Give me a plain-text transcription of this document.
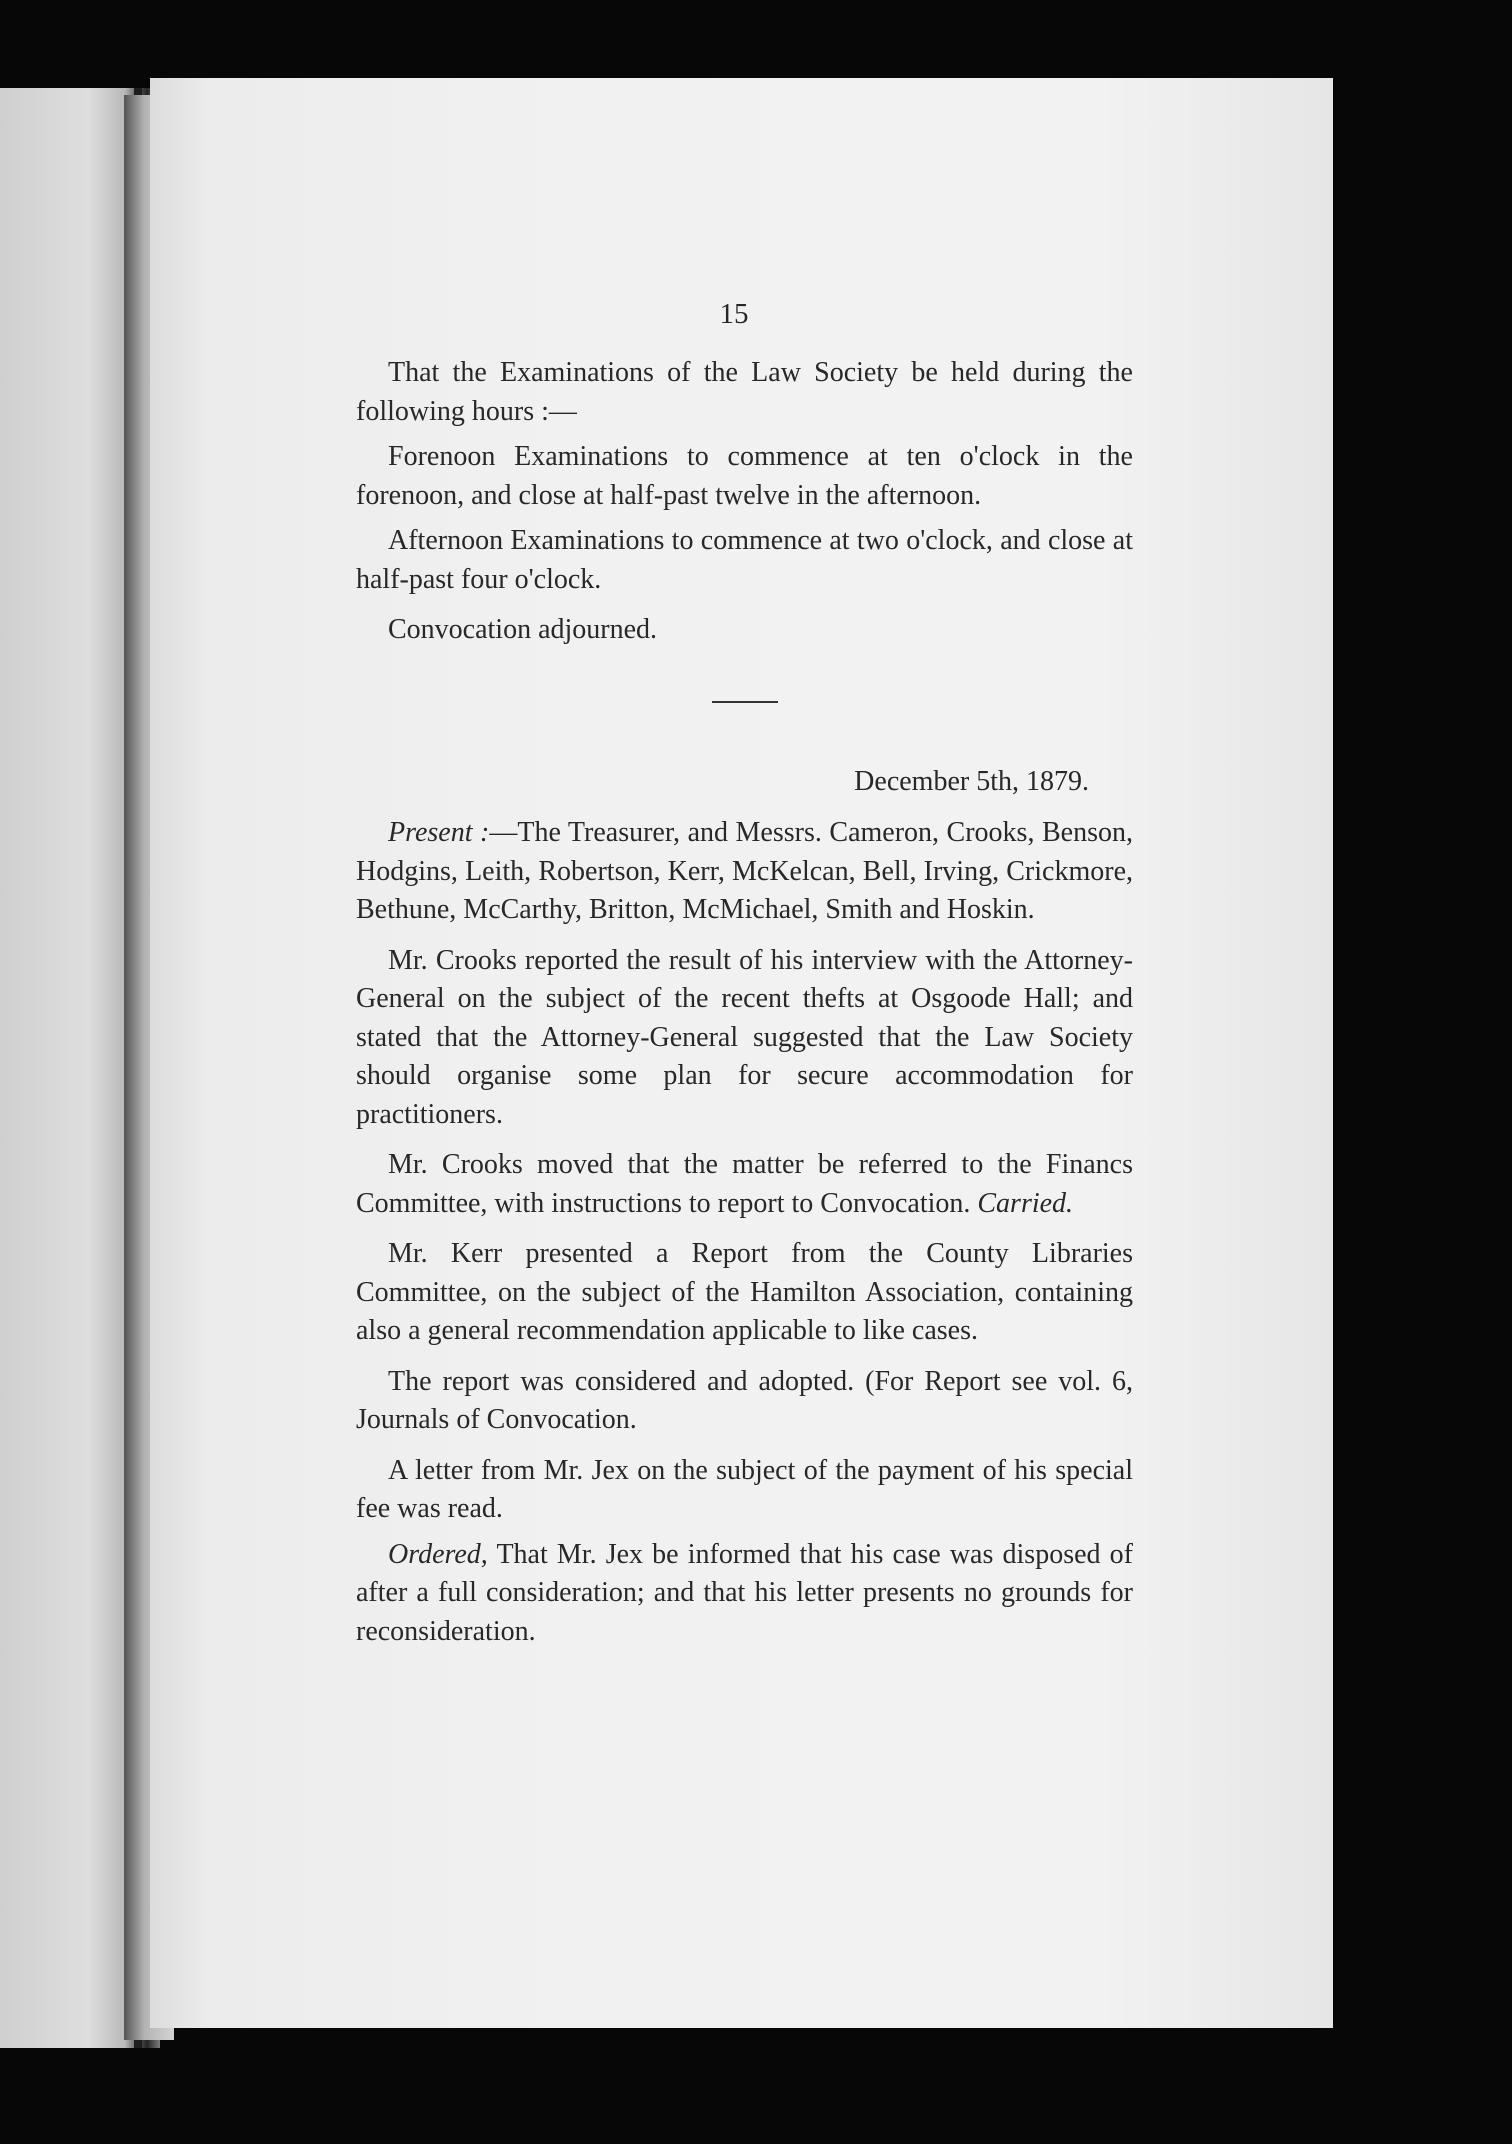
15

That the Examinations of the Law Society be held during the following hours :—

Forenoon Examinations to commence at ten o'clock in the forenoon, and close at half-past twelve in the afternoon.

Afternoon Examinations to commence at two o'clock, and close at half-past four o'clock.

Convocation adjourned.

December 5th, 1879.

Present :—The Treasurer, and Messrs. Cameron, Crooks, Benson, Hodgins, Leith, Robertson, Kerr, McKelcan, Bell, Irving, Crickmore, Bethune, McCarthy, Britton, McMichael, Smith and Hoskin.

Mr. Crooks reported the result of his interview with the Attorney-General on the subject of the recent thefts at Osgoode Hall; and stated that the Attorney-General suggested that the Law Society should organise some plan for secure accommodation for practitioners.

Mr. Crooks moved that the matter be referred to the Financs Committee, with instructions to report to Convocation. Carried.

Mr. Kerr presented a Report from the County Libraries Committee, on the subject of the Hamilton Association, containing also a general recommendation applicable to like cases.

The report was considered and adopted. (For Report see vol. 6, Journals of Convocation.

A letter from Mr. Jex on the subject of the payment of his special fee was read.

Ordered, That Mr. Jex be informed that his case was disposed of after a full consideration; and that his letter presents no grounds for reconsideration.
